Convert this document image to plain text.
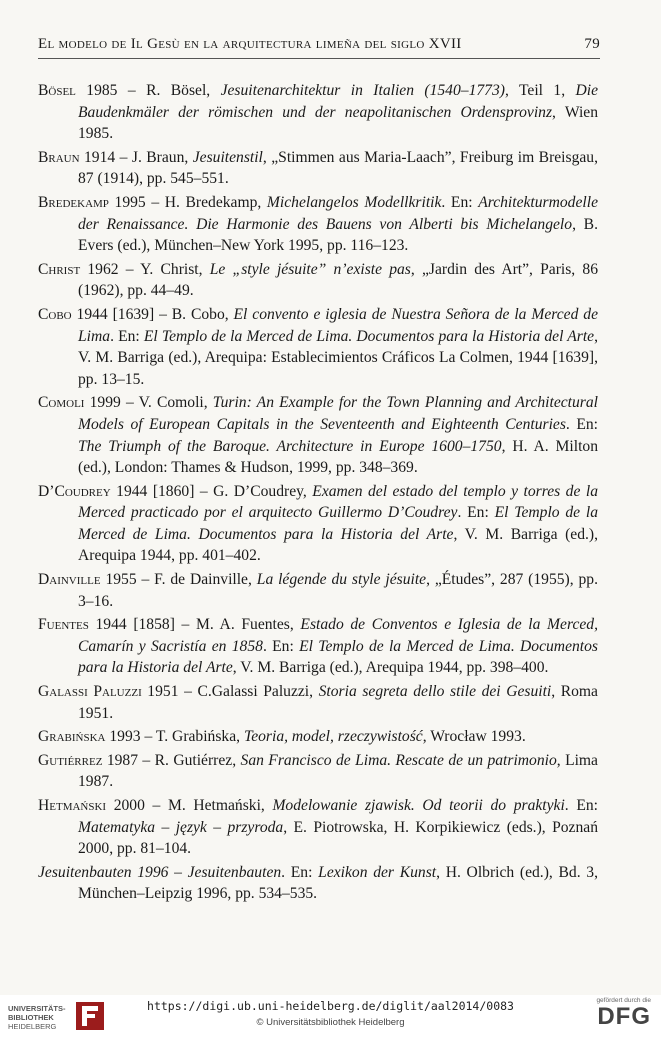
El modelo de Il Gesù en la arquitectura limeña del siglo XVII	79

Bösel 1985 – R. Bösel, Jesuitenarchitektur in Italien (1540–1773), Teil 1, Die Baudenkmäler der römischen und der neapolitanischen Ordensprovinz, Wien 1985.

Braun 1914 – J. Braun, Jesuitenstil, „Stimmen aus Maria-Laach”, Freiburg im Breisgau, 87 (1914), pp. 545–551.

Bredekamp 1995 – H. Bredekamp, Michelangelos Modellkritik. En: Architekturmodelle der Renaissance. Die Harmonie des Bauens von Alberti bis Michelangelo, B. Evers (ed.), München–New York 1995, pp. 116–123.

Christ 1962 – Y. Christ, Le „style jésuite” n’existe pas, „Jardin des Art”, Paris, 86 (1962), pp. 44–49.

Cobo 1944 [1639] – B. Cobo, El convento e iglesia de Nuestra Señora de la Merced de Lima. En: El Templo de la Merced de Lima. Documentos para la Historia del Arte, V. M. Barriga (ed.), Arequipa: Establecimientos Cráficos La Colmen, 1944 [1639], pp. 13–15.

Comoli 1999 – V. Comoli, Turin: An Example for the Town Planning and Architectural Models of European Capitals in the Seventeenth and Eighteenth Centuries. En: The Triumph of the Baroque. Architecture in Europe 1600–1750, H. A. Milton (ed.), London: Thames & Hudson, 1999, pp. 348–369.

D’Coudrey 1944 [1860] – G. D’Coudrey, Examen del estado del templo y torres de la Merced practicado por el arquitecto Guillermo D’Coudrey. En: El Templo de la Merced de Lima. Documentos para la Historia del Arte, V. M. Barriga (ed.), Arequipa 1944, pp. 401–402.

Dainville 1955 – F. de Dainville, La légende du style jésuite, „Études”, 287 (1955), pp. 3–16.

Fuentes 1944 [1858] – M. A. Fuentes, Estado de Conventos e Iglesia de la Merced, Camarín y Sacristía en 1858. En: El Templo de la Merced de Lima. Documentos para la Historia del Arte, V. M. Barriga (ed.), Arequipa 1944, pp. 398–400.

Galassi Paluzzi 1951 – C.Galassi Paluzzi, Storia segreta dello stile dei Gesuiti, Roma 1951.

Grabińska 1993 – T. Grabińska, Teoria, model, rzeczywistość, Wrocław 1993.

Gutiérrez 1987 – R. Gutiérrez, San Francisco de Lima. Rescate de un patrimonio, Lima 1987.

Hetmański 2000 – M. Hetmański, Modelowanie zjawisk. Od teorii do praktyki. En: Matematyka – język – przyroda, E. Piotrowska, H. Korpikiewicz (eds.), Poznań 2000, pp. 81–104.

Jesuitenbauten 1996 – Jesuitenbauten. En: Lexikon der Kunst, H. Olbrich (ed.), Bd. 3, München–Leipzig 1996, pp. 534–535.

UNIVERSITÄTS-
BIBLIOTHEK
HEIDELBERG
https://digi.ub.uni-heidelberg.de/diglit/aal2014/0083
© Universitätsbibliothek Heidelberg
gefördert durch die
DFG
